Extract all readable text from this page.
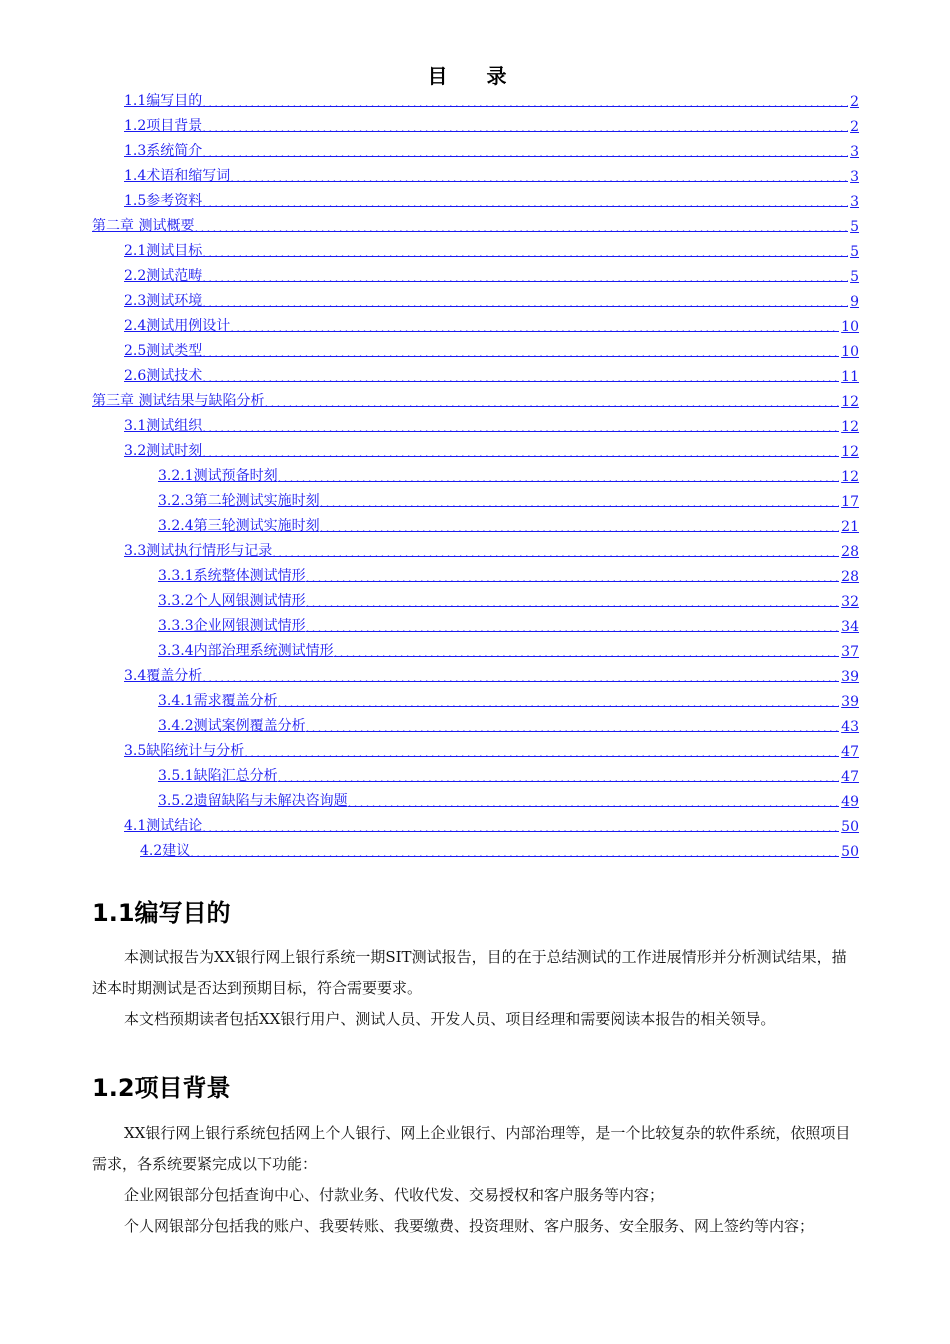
目 录
1.1编写目的 .....	2
1.2项目背景 .....	2
1.3系统简介 .....	3
1.4术语和缩写词 .....	3
1.5参考资料 .....	3
第二章 测试概要 .....	5
2.1测试目标 .....	5
2.2测试范畴 .....	5
2.3测试环境 .....	9
2.4测试用例设计 .....	10
2.5测试类型 .....	10
2.6测试技术 .....	11
第三章 测试结果与缺陷分析 .....	12
3.1测试组织 .....	12
3.2测试时刻 .....	12
3.2.1测试预备时刻 .....	12
3.2.3第二轮测试实施时刻 .....	17
3.2.4第三轮测试实施时刻 .....	21
3.3测试执行情形与记录 .....	28
3.3.1系统整体测试情形 .....	28
3.3.2个人网银测试情形 .....	32
3.3.3企业网银测试情形 .....	34
3.3.4内部治理系统测试情形 .....	37
3.4覆盖分析 .....	39
3.4.1需求覆盖分析 .....	39
3.4.2测试案例覆盖分析 .....	43
3.5缺陷统计与分析 .....	47
3.5.1缺陷汇总分析 .....	47
3.5.2遗留缺陷与未解决咨询题 .....	49
4.1测试结论 .....	50
4.2建议 .....	50
1.1编写目的

本测试报告为XX银行网上银行系统一期SIT测试报告，目的在于总结测试的工作进展情形并分析测试结果，描述本时期测试是否达到预期目标，符合需要要求。

本文档预期读者包括XX银行用户、测试人员、开发人员、项目经理和需要阅读本报告的相关领导。

1.2项目背景

XX银行网上银行系统包括网上个人银行、网上企业银行、内部治理等，是一个比较复杂的软件系统，依照项目需求，各系统要紧完成以下功能：

企业网银部分包括查询中心、付款业务、代收代发、交易授权和客户服务等内容；

个人网银部分包括我的账户、我要转账、我要缴费、投资理财、客户服务、安全服务、网上签约等内容；
